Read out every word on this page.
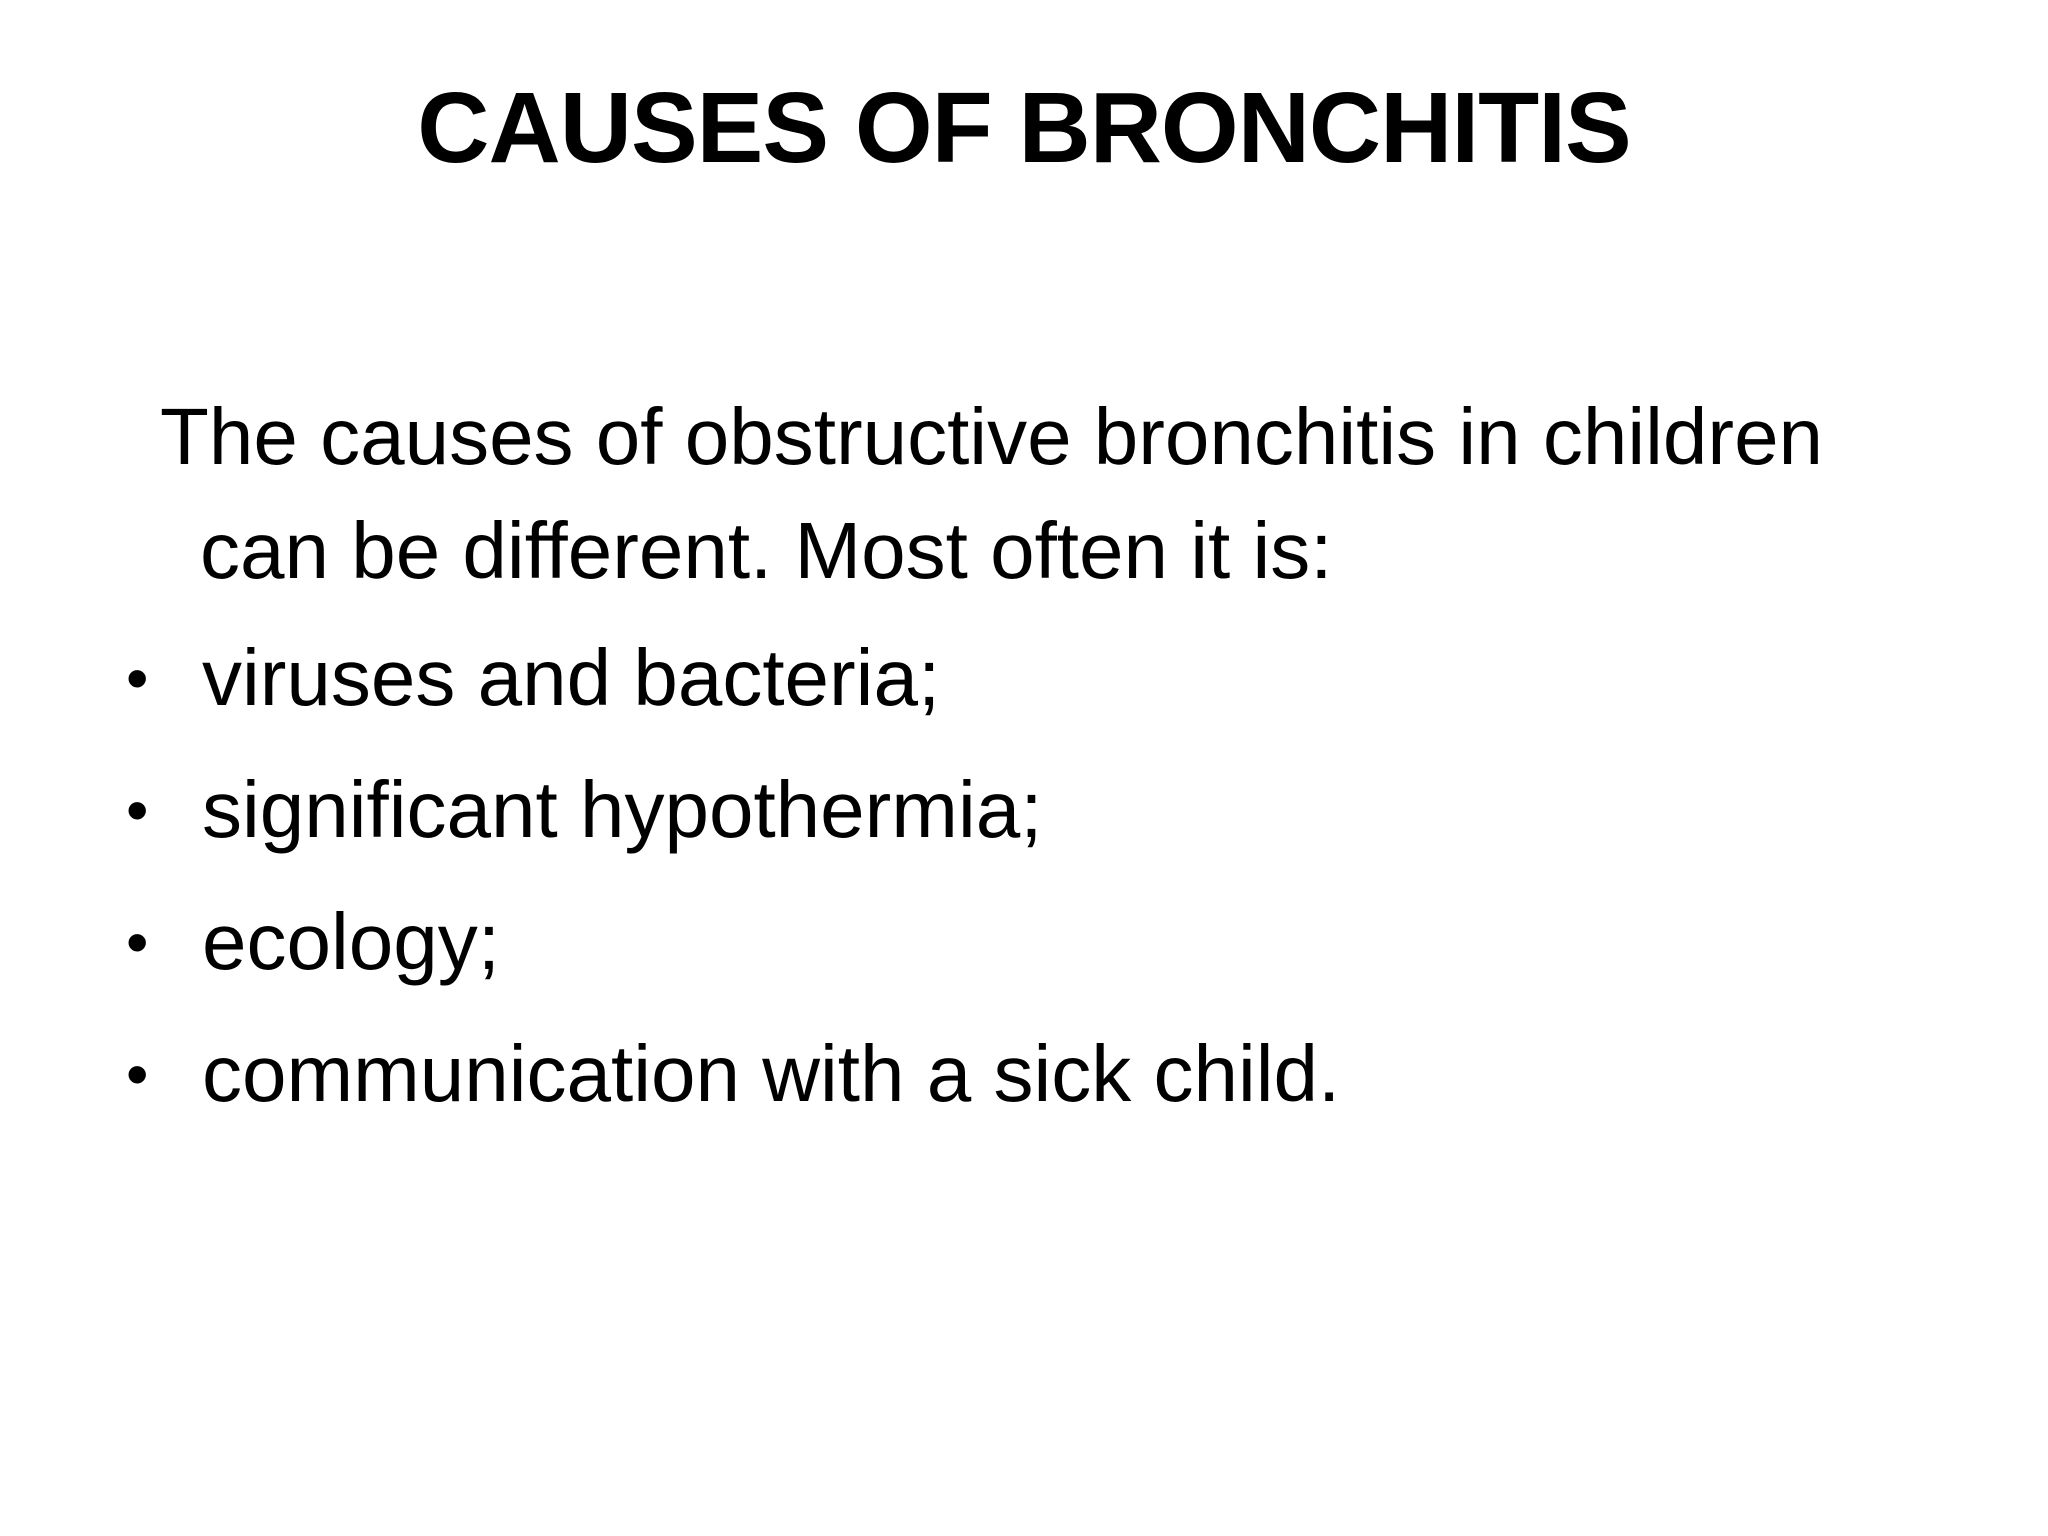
CAUSES OF BRONCHITIS

The causes of obstructive bronchitis in children
can be different. Most often it is:

• viruses and bacteria;
• significant hypothermia;
• ecology;
• communication with a sick child.
